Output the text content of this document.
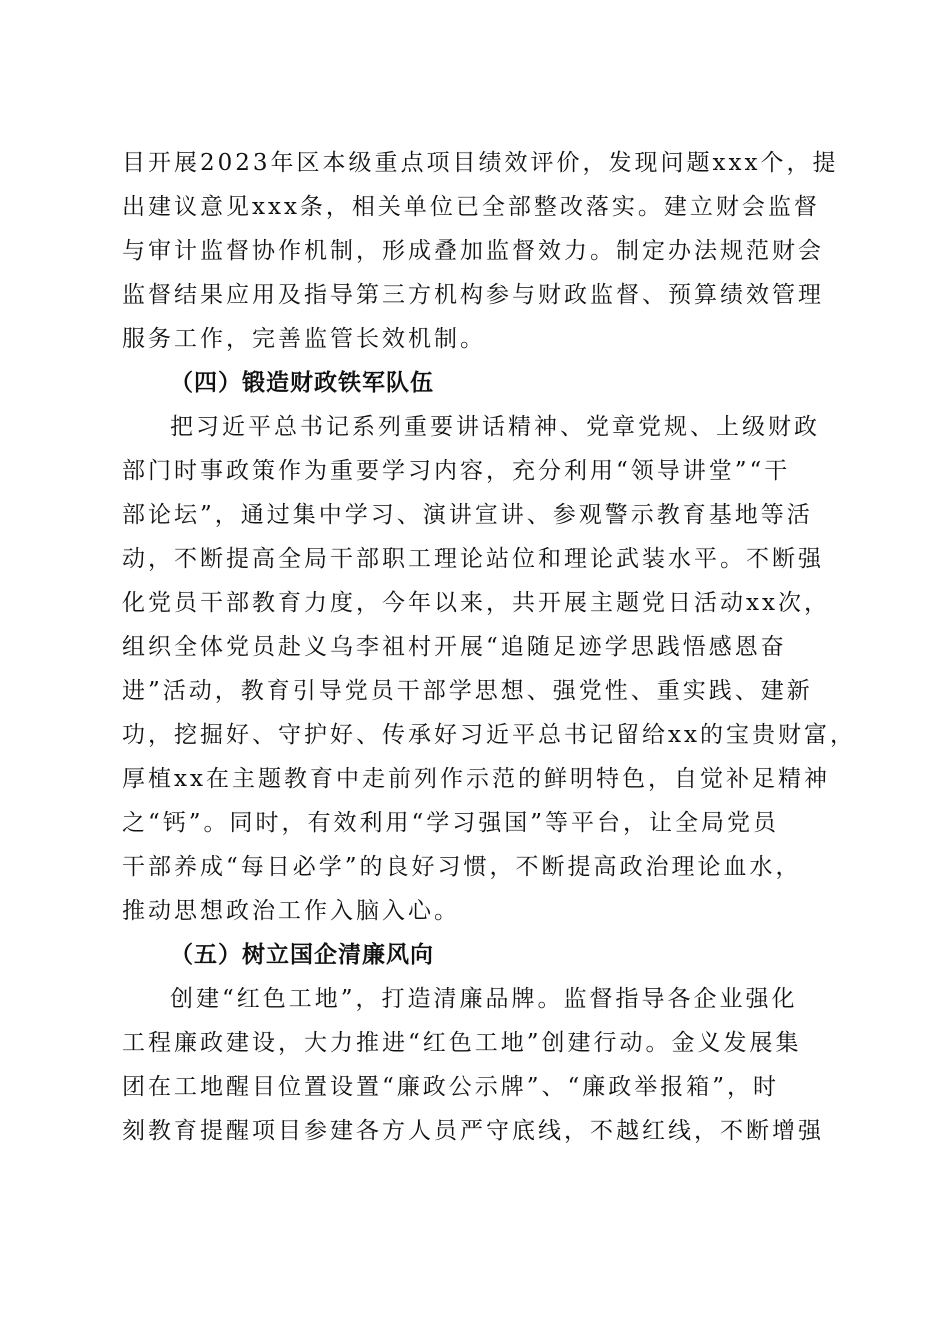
目开展2023年区本级重点项目绩效评价，发现问题xxx个，提
出建议意见xxx条，相关单位已全部整改落实。建立财会监督
与审计监督协作机制，形成叠加监督效力。制定办法规范财会
监督结果应用及指导第三方机构参与财政监督、预算绩效管理
服务工作，完善监管长效机制。
（四）锻造财政铁军队伍
把习近平总书记系列重要讲话精神、党章党规、上级财政
部门时事政策作为重要学习内容，充分利用“领导讲堂”“干
部论坛”，通过集中学习、演讲宣讲、参观警示教育基地等活
动，不断提高全局干部职工理论站位和理论武装水平。不断强
化党员干部教育力度，今年以来，共开展主题党日活动xx次，
组织全体党员赴义乌李祖村开展“追随足迹学思践悟感恩奋
进”活动，教育引导党员干部学思想、强党性、重实践、建新
功，挖掘好、守护好、传承好习近平总书记留给xx的宝贵财富，
厚植xx在主题教育中走前列作示范的鲜明特色，自觉补足精神
之“钙”。同时，有效利用“学习强国”等平台，让全局党员
干部养成“每日必学”的良好习惯，不断提高政治理论血水，
推动思想政治工作入脑入心。
（五）树立国企清廉风向
创建“红色工地”，打造清廉品牌。监督指导各企业强化
工程廉政建设，大力推进“红色工地”创建行动。金义发展集
团在工地醒目位置设置“廉政公示牌”、“廉政举报箱”，时
刻教育提醒项目参建各方人员严守底线，不越红线，不断增强
